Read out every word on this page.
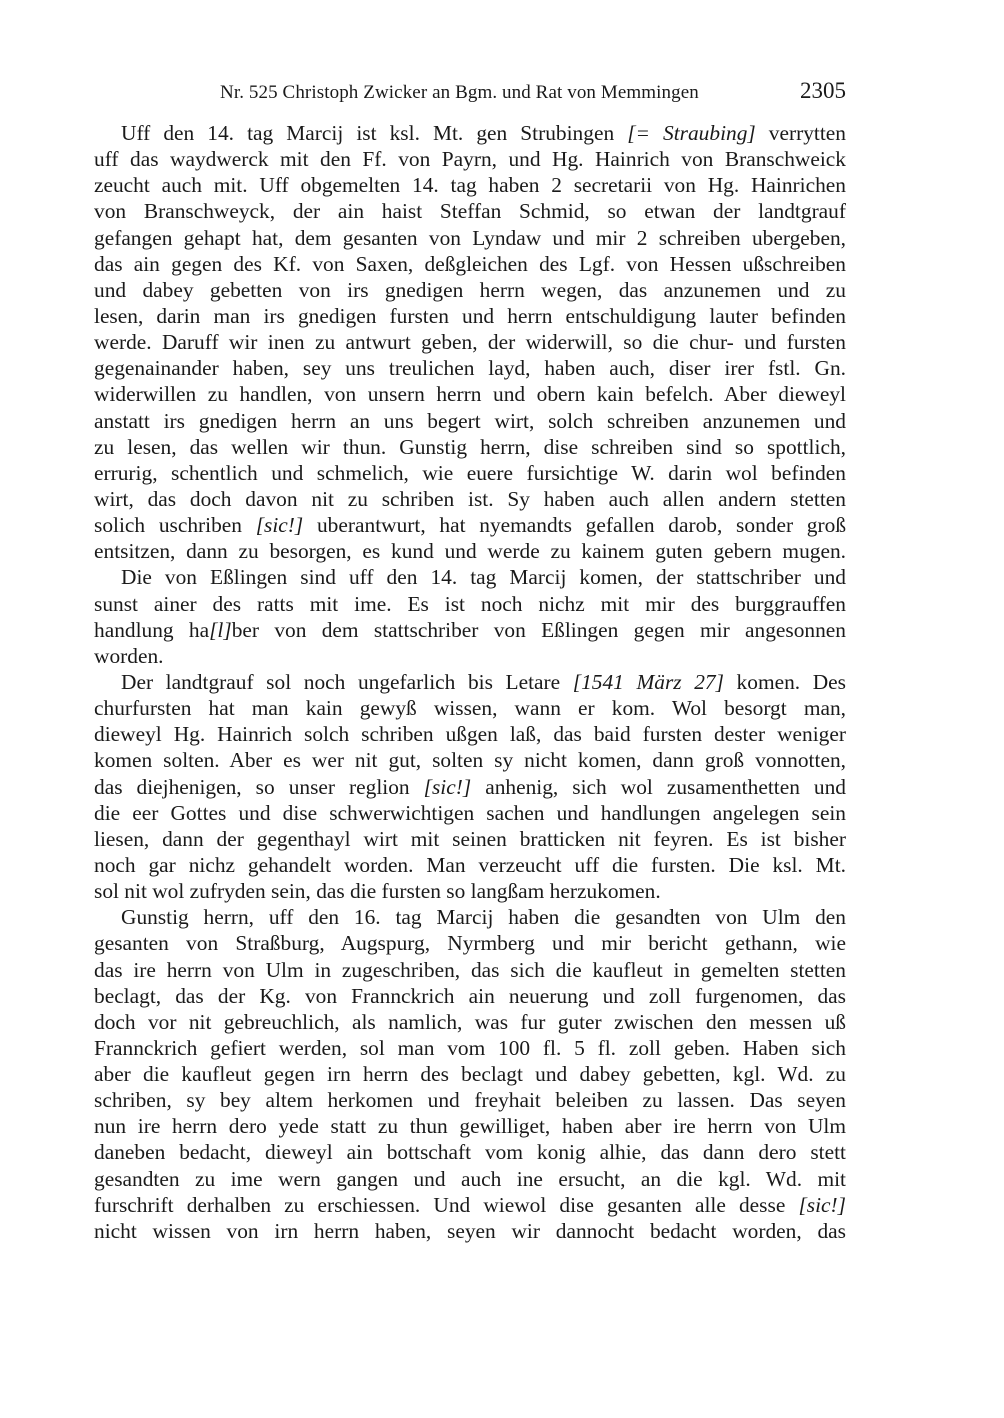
Nr. 525 Christoph Zwicker an Bgm. und Rat von Memmingen	2305
Uff den 14. tag Marcij ist ksl. Mt. gen Strubingen [= Straubing] verrytten
uff das waydwerck mit den Ff. von Payrn, und Hg. Hainrich von Branschweick
zeucht auch mit. Uff obgemelten 14. tag haben 2 secretarii von Hg. Hainrichen
von Branschweyck, der ain haist Steffan Schmid, so etwan der landtgrauf
gefangen gehapt hat, dem gesanten von Lyndaw und mir 2 schreiben ubergeben,
das ain gegen des Kf. von Saxen, deßgleichen des Lgf. von Hessen ußschreiben
und dabey gebetten von irs gnedigen herrn wegen, das anzunemen und zu
lesen, darin man irs gnedigen fursten und herrn entschuldigung lauter befinden
werde. Daruff wir inen zu antwurt geben, der widerwill, so die chur- und fursten
gegenainander haben, sey uns treulichen layd, haben auch, diser irer fstl. Gn.
widerwillen zu handlen, von unsern herrn und obern kain befelch. Aber dieweyl
anstatt irs gnedigen herrn an uns begert wirt, solch schreiben anzunemen und
zu lesen, das wellen wir thun. Gunstig herrn, dise schreiben sind so spottlich,
errurig, schentlich und schmelich, wie euere fursichtige W. darin wol befinden
wirt, das doch davon nit zu schriben ist. Sy haben auch allen andern stetten
solich uschriben [sic!] uberantwurt, hat nyemandts gefallen darob, sonder groß
entsitzen, dann zu besorgen, es kund und werde zu kainem guten gebern mugen.
Die von Eßlingen sind uff den 14. tag Marcij komen, der stattschriber und
sunst ainer des ratts mit ime. Es ist noch nichz mit mir des burggrauffen
handlung ha[l]ber von dem stattschriber von Eßlingen gegen mir angesonnen
worden.
Der landtgrauf sol noch ungefarlich bis Letare [1541 März 27] komen. Des
churfursten hat man kain gewyß wissen, wann er kom. Wol besorgt man,
dieweyl Hg. Hainrich solch schriben ußgen laß, das baid fursten dester weniger
komen solten. Aber es wer nit gut, solten sy nicht komen, dann groß vonnotten,
das diejhenigen, so unser reglion [sic!] anhenig, sich wol zusamenthetten und
die eer Gottes und dise schwerwichtigen sachen und handlungen angelegen sein
liesen, dann der gegenthayl wirt mit seinen bratticken nit feyren. Es ist bisher
noch gar nichz gehandelt worden. Man verzeucht uff die fursten. Die ksl. Mt.
sol nit wol zufryden sein, das die fursten so langßam herzukomen.
Gunstig herrn, uff den 16. tag Marcij haben die gesandten von Ulm den
gesanten von Straßburg, Augspurg, Nyrmberg und mir bericht gethann, wie
das ire herrn von Ulm in zugeschriben, das sich die kaufleut in gemelten stetten
beclagt, das der Kg. von Frannckrich ain neuerung und zoll furgenomen, das
doch vor nit gebreuchlich, als namlich, was fur guter zwischen den messen uß
Frannckrich gefiert werden, sol man vom 100 fl. 5 fl. zoll geben. Haben sich
aber die kaufleut gegen irn herrn des beclagt und dabey gebetten, kgl. Wd. zu
schriben, sy bey altem herkomen und freyhait beleiben zu lassen. Das seyen
nun ire herrn dero yede statt zu thun gewilliget, haben aber ire herrn von Ulm
daneben bedacht, dieweyl ain bottschaft vom konig alhie, das dann dero stett
gesandten zu ime wern gangen und auch ine ersucht, an die kgl. Wd. mit
furschrift derhalben zu erschiessen. Und wiewol dise gesanten alle desse [sic!]
nicht wissen von irn herrn haben, seyen wir dannocht bedacht worden, das
